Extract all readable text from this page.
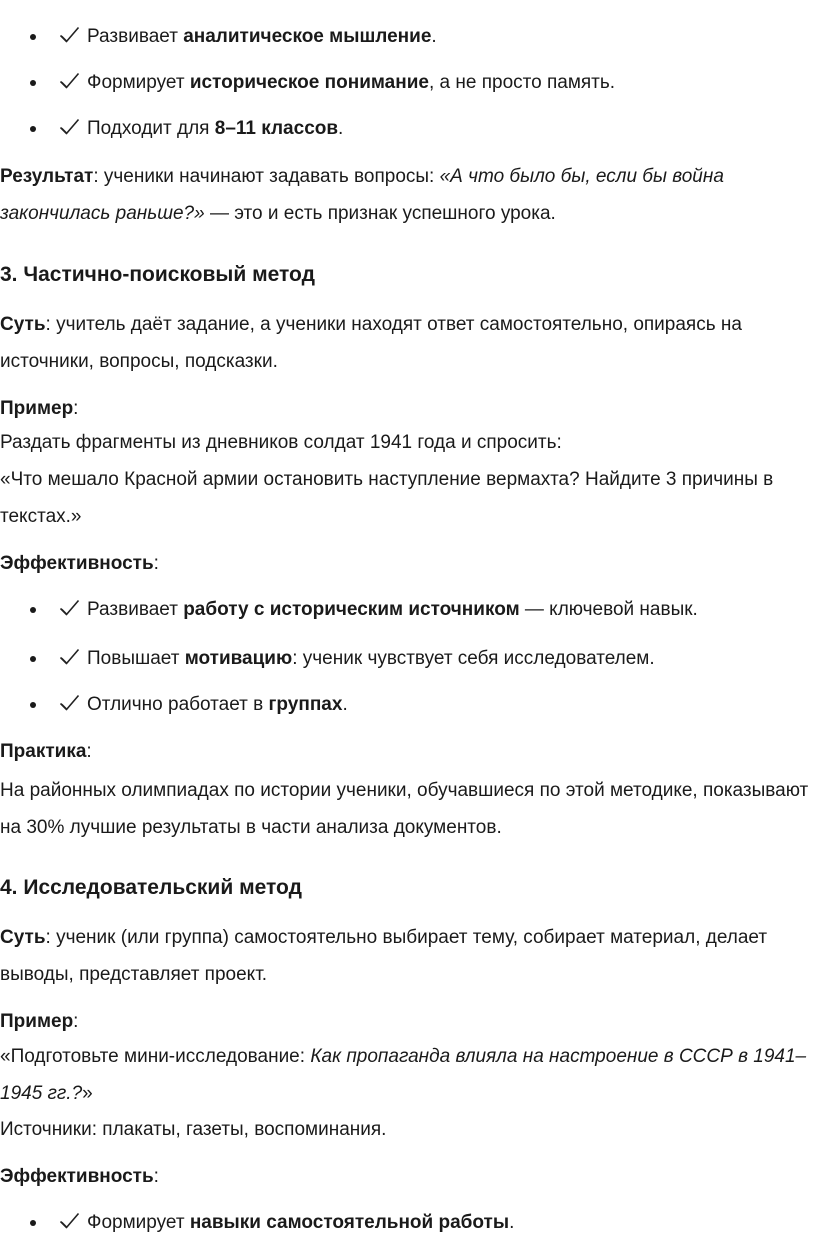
Развивает аналитическое мышление.
Формирует историческое понимание, а не просто память.
Подходит для 8–11 классов.

Результат: ученики начинают задавать вопросы: «А что было бы, если бы война закончилась раньше?» — это и есть признак успешного урока.

3. Частично-поисковый метод

Суть: учитель даёт задание, а ученики находят ответ самостоятельно, опираясь на источники, вопросы, подсказки.

Пример:

Раздать фрагменты из дневников солдат 1941 года и спросить:

«Что мешало Красной армии остановить наступление вермахта? Найдите 3 причины в текстах.»

Эффективность:

Развивает работу с историческим источником — ключевой навык.
Повышает мотивацию: ученик чувствует себя исследователем.
Отлично работает в группах.

Практика:

На районных олимпиадах по истории ученики, обучавшиеся по этой методике, показывают на 30% лучшие результаты в части анализа документов.

4. Исследовательский метод

Суть: ученик (или группа) самостоятельно выбирает тему, собирает материал, делает выводы, представляет проект.

Пример:

«Подготовьте мини-исследование: Как пропаганда влияла на настроение в СССР в 1941–1945 гг.?»

Источники: плакаты, газеты, воспоминания.

Эффективность:

Формирует навыки самостоятельной работы.
